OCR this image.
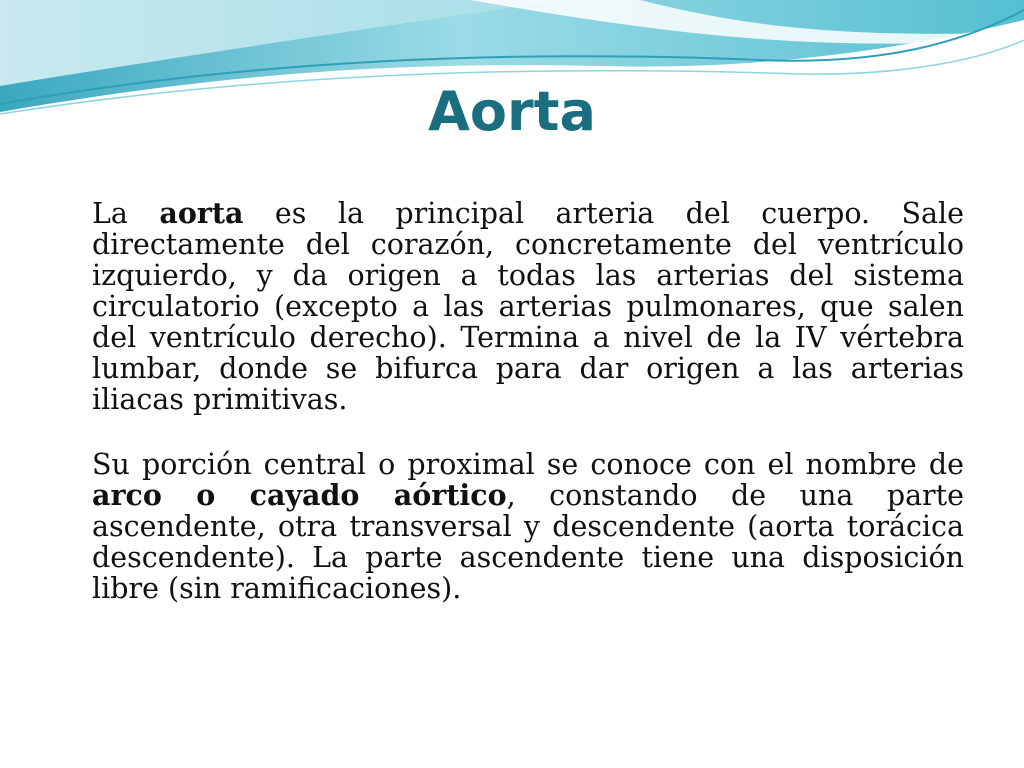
Aorta

La aorta es la principal arteria del cuerpo. Sale directamente del corazón, concretamente del ventrículo izquierdo, y da origen a todas las arterias del sistema circulatorio (excepto a las arterias pulmonares, que salen del ventrículo derecho). Termina a nivel de la IV vértebra lumbar, donde se bifurca para dar origen a las arterias iliacas primitivas.

Su porción central o proximal se conoce con el nombre de arco o cayado aórtico, constando de una parte ascendente, otra transversal y descendente (aorta torácica descendente). La parte ascendente tiene una disposición libre (sin ramificaciones).
